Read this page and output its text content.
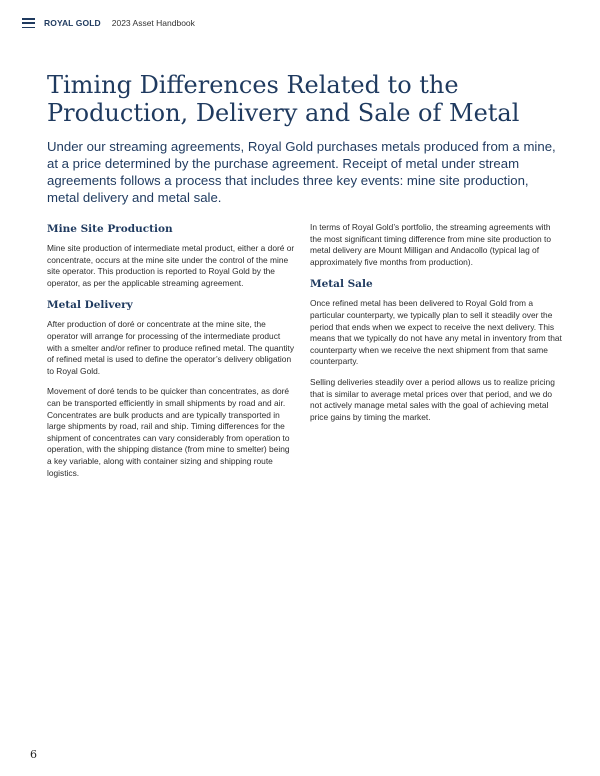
ROYAL GOLD 2023 Asset Handbook
Timing Differences Related to the Production, Delivery and Sale of Metal

Under our streaming agreements, Royal Gold purchases metals produced from a mine, at a price determined by the purchase agreement. Receipt of metal under stream agreements follows a process that includes three key events: mine site production, metal delivery and metal sale.

Mine Site Production

Mine site production of intermediate metal product, either a doré or concentrate, occurs at the mine site under the control of the mine site operator. This production is reported to Royal Gold by the operator, as per the applicable streaming agreement.

Metal Delivery

After production of doré or concentrate at the mine site, the operator will arrange for processing of the intermediate product with a smelter and/or refiner to produce refined metal. The quantity of refined metal is used to define the operator’s delivery obligation to Royal Gold.

Movement of doré tends to be quicker than concentrates, as doré can be transported efficiently in small shipments by road and air. Concentrates are bulk products and are typically transported in large shipments by road, rail and ship. Timing differences for the shipment of concentrates can vary considerably from operation to operation, with the shipping distance (from mine to smelter) being a key variable, along with container sizing and shipping route logistics.

In terms of Royal Gold’s portfolio, the streaming agreements with the most significant timing difference from mine site production to metal delivery are Mount Milligan and Andacollo (typical lag of approximately five months from production).

Metal Sale

Once refined metal has been delivered to Royal Gold from a particular counterparty, we typically plan to sell it steadily over the period that ends when we expect to receive the next delivery. This means that we typically do not have any metal in inventory from that counterparty when we receive the next shipment from that same counterparty.

Selling deliveries steadily over a period allows us to realize pricing that is similar to average metal prices over that period, and we do not actively manage metal sales with the goal of achieving metal price gains by timing the market.

6
